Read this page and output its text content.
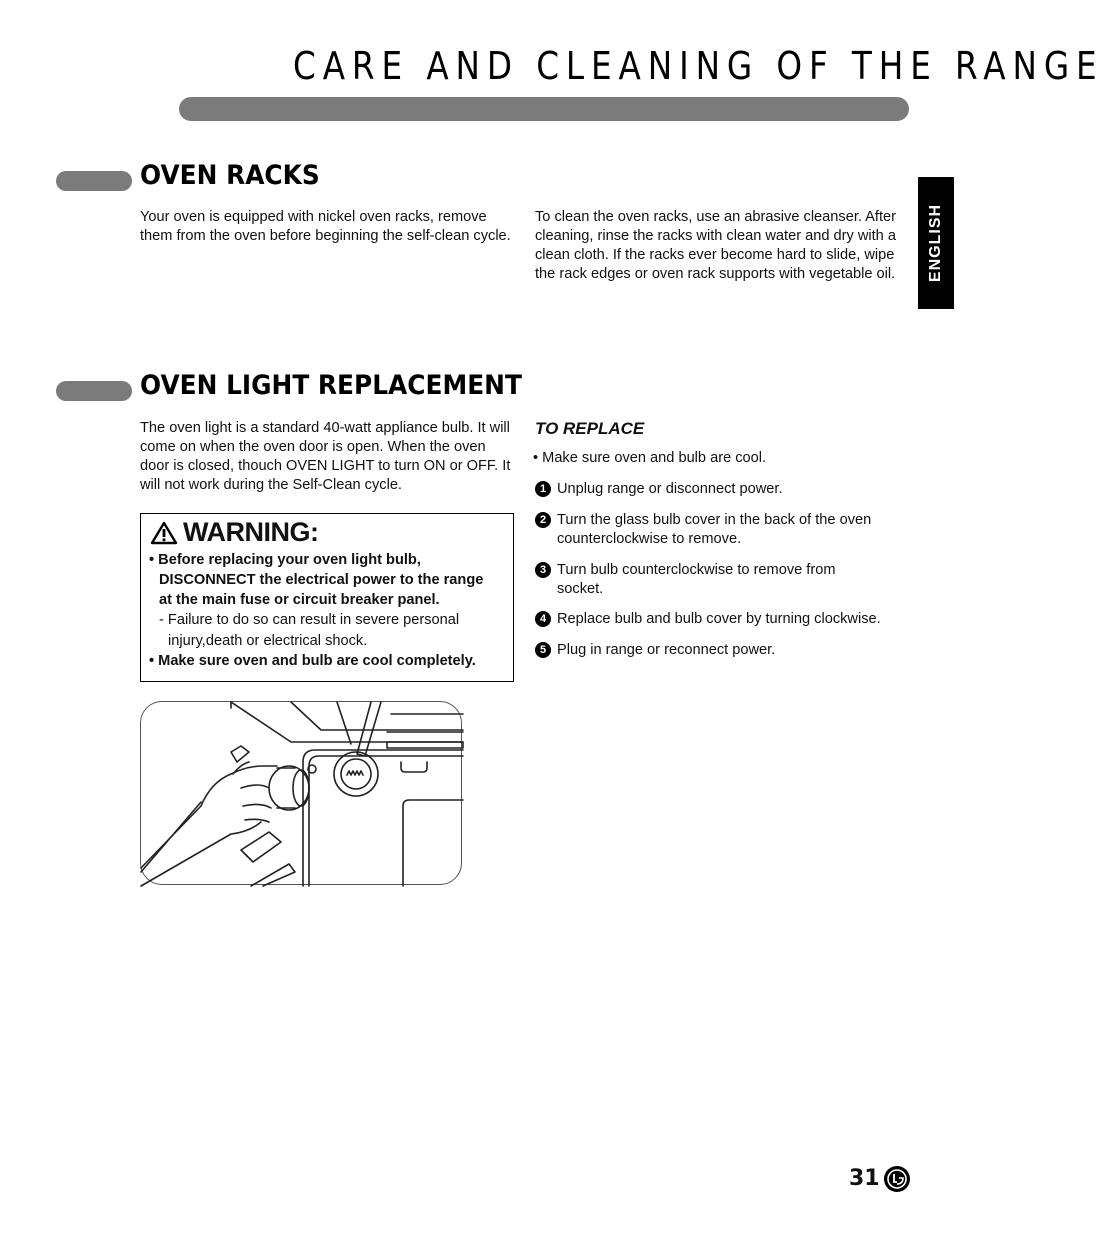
CARE AND CLEANING OF THE RANGE
ENGLISH
OVEN RACKS

Your oven is equipped with nickel oven racks, remove them from the oven before beginning the self-clean cycle.

To clean the oven racks, use an abrasive cleanser. After cleaning, rinse the racks with clean water and dry with a clean cloth. If the racks ever become hard to slide, wipe the rack edges or oven rack supports with vegetable oil.

OVEN LIGHT REPLACEMENT

The oven light is a standard 40-watt appliance bulb. It will come on when the oven door is open. When the oven door is closed, thouch OVEN LIGHT to turn ON or OFF. It will not work during the Self-Clean cycle.

WARNING:
• Before replacing your oven light bulb,
DISCONNECT the electrical power to the range
at the main fuse or circuit breaker panel.
- Failure to do so can result in severe personal
injury,death or electrical shock.
• Make sure oven and bulb are cool completely.
TO REPLACE
• Make sure oven and bulb are cool.
1 Unplug range or disconnect power.
2 Turn the glass bulb cover in the back of the oven counterclockwise to remove.
3 Turn bulb counterclockwise to remove from socket.
4 Replace bulb and bulb cover by turning clockwise.
5 Plug in range or reconnect power.
31
